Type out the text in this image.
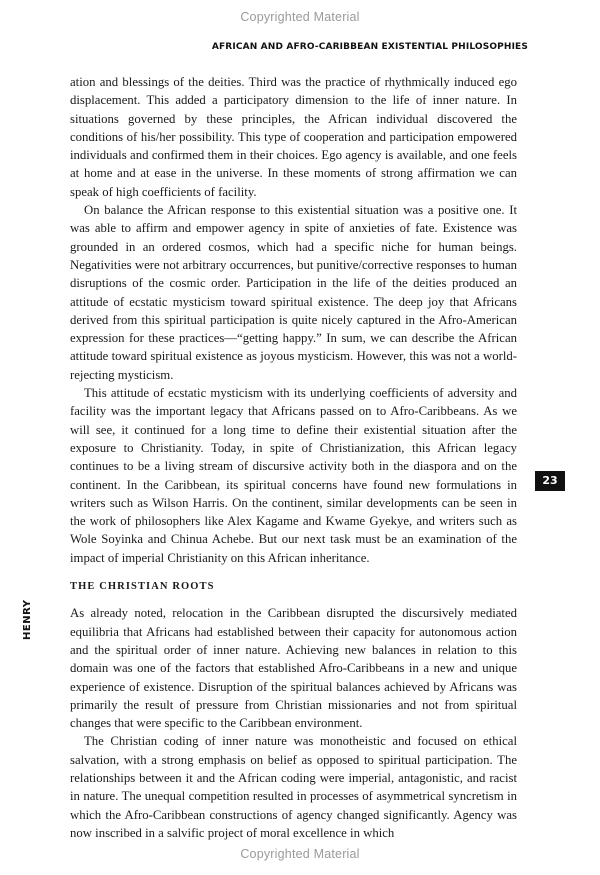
Copyrighted Material
AFRICAN AND AFRO-CARIBBEAN EXISTENTIAL PHILOSOPHIES

ation and blessings of the deities. Third was the practice of rhythmically induced ego displacement. This added a participatory dimension to the life of inner nature. In situations governed by these principles, the African individual discovered the conditions of his/her possibility. This type of cooperation and participation empowered individuals and confirmed them in their choices. Ego agency is available, and one feels at home and at ease in the universe. In these moments of strong affirmation we can speak of high coefficients of facility.

On balance the African response to this existential situation was a positive one. It was able to affirm and empower agency in spite of anxieties of fate. Existence was grounded in an ordered cosmos, which had a specific niche for human beings. Negativities were not arbitrary occurrences, but punitive/corrective responses to human disruptions of the cosmic order. Participation in the life of the deities produced an attitude of ecstatic mysticism toward spiritual existence. The deep joy that Africans derived from this spiritual participation is quite nicely captured in the Afro-American expression for these practices—“getting happy.” In sum, we can describe the African attitude toward spiritual existence as joyous mysticism. However, this was not a world-rejecting mysticism.

This attitude of ecstatic mysticism with its underlying coefficients of adversity and facility was the important legacy that Africans passed on to Afro-Caribbeans. As we will see, it continued for a long time to define their existential situation after the exposure to Christianity. Today, in spite of Christianization, this African legacy continues to be a living stream of discursive activity both in the diaspora and on the continent. In the Caribbean, its spiritual concerns have found new formulations in writers such as Wilson Harris. On the continent, similar developments can be seen in the work of philosophers like Alex Kagame and Kwame Gyekye, and writers such as Wole Soyinka and Chinua Achebe. But our next task must be an examination of the impact of imperial Christianity on this African inheritance.

THE CHRISTIAN ROOTS

As already noted, relocation in the Caribbean disrupted the discursively mediated equilibria that Africans had established between their capacity for autonomous action and the spiritual order of inner nature. Achieving new balances in relation to this domain was one of the factors that established Afro-Caribbeans in a new and unique experience of existence. Disruption of the spiritual balances achieved by Africans was primarily the result of pressure from Christian missionaries and not from spiritual changes that were specific to the Caribbean environment.

The Christian coding of inner nature was monotheistic and focused on ethical salvation, with a strong emphasis on belief as opposed to spiritual participation. The relationships between it and the African coding were imperial, antagonistic, and racist in nature. The unequal competition resulted in processes of asymmetrical syncretism in which the Afro-Caribbean constructions of agency changed significantly. Agency was now inscribed in a salvific project of moral excellence in which

23
HENRY
Copyrighted Material
